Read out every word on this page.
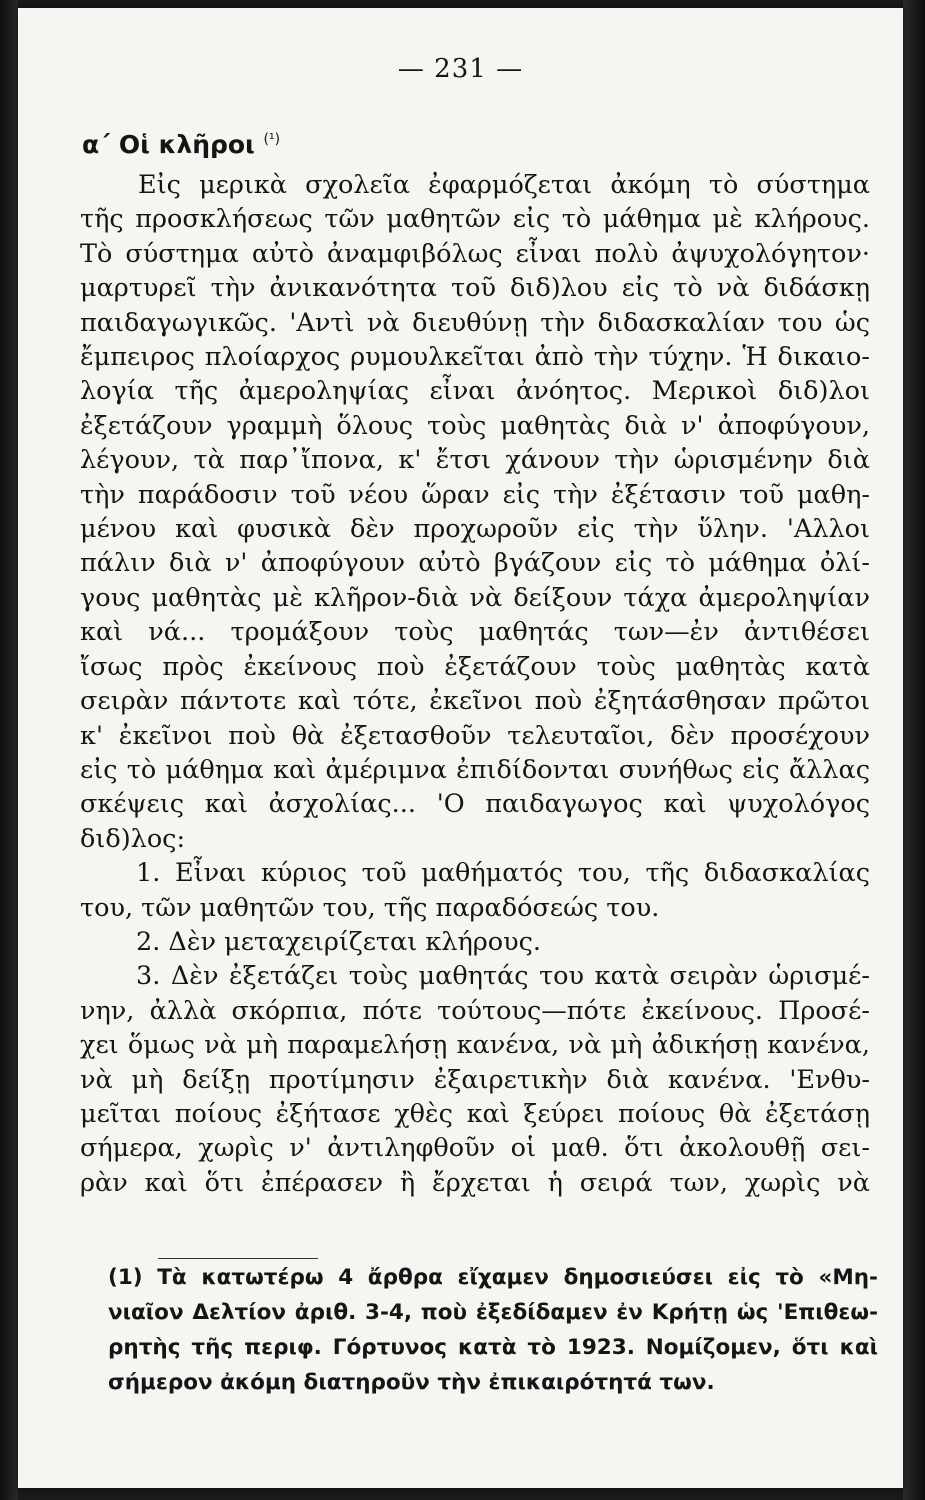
— 231 —
α΄ Οἱ κλῆροι $^{(^1)}$
Εἰς μερικὰ σχολεῖα ἐφαρμόζεται ἀκόμη τὸ σύστημα
τῆς προσκλήσεως τῶν μαθητῶν εἰς τὸ μάθημα μὲ κλήρους.
Τὸ σύστημα αὐτὸ ἀναμφιβόλως εἶναι πολὺ ἀψυχολόγητον·
μαρτυρεῖ τὴν ἀνικανότητα τοῦ διδ)λου εἰς τὸ νὰ διδάσκῃ
παιδαγωγικῶς. 'Αντὶ νὰ διευθύνῃ τὴν διδασκαλίαν του ὡς
ἔμπειρος πλοίαρχος ρυμουλκεῖται ἀπὸ τὴν τύχην. Ἡ δικαιο-
λογία τῆς ἀμεροληψίας εἶναι ἀνόητος. Μερικοὶ διδ)λοι
ἐξετάζουν γραμμὴ ὅλους τοὺς μαθητὰς διὰ ν' ἀποφύγουν,
λέγουν, τὰ παρ᾽ἴπονα, κ' ἔτσι χάνουν τὴν ὡρισμένην διὰ
τὴν παράδοσιν τοῦ νέου ὥραν εἰς τὴν ἐξέτασιν τοῦ μαθη-
μένου καὶ φυσικὰ δὲν προχωροῦν εἰς τὴν ὕλην. 'Αλλοι
πάλιν διὰ ν' ἀποφύγουν αὐτὸ βγάζουν εἰς τὸ μάθημα ὀλί-
γους μαθητὰς μὲ κλῆρον-διὰ νὰ δείξουν τάχα ἀμεροληψίαν
καὶ νά... τρομάξουν τοὺς μαθητάς των—ἐν ἀντιθέσει
ἴσως πρὸς ἐκείνους ποὺ ἐξετάζουν τοὺς μαθητὰς κατὰ
σειρὰν πάντοτε καὶ τότε, ἐκεῖνοι ποὺ ἐξητάσθησαν πρῶτοι
κ' ἐκεῖνοι ποὺ θὰ ἐξετασθοῦν τελευταῖοι, δὲν προσέχουν
εἰς τὸ μάθημα καὶ ἀμέριμνα ἐπιδίδονται συνήθως εἰς ἄλλας
σκέψεις καὶ ἀσχολίας... 'Ο παιδαγωγος καὶ ψυχολόγος
διδ)λος:
1. Εἶναι κύριος τοῦ μαθήματός του, τῆς διδασκαλίας
του, τῶν μαθητῶν του, τῆς παραδόσεώς του.
2. Δὲν μεταχειρίζεται κλήρους.
3. Δὲν ἐξετάζει τοὺς μαθητάς του κατὰ σειρὰν ὡρισμέ-
νην, ἀλλὰ σκόρπια, πότε τούτους—πότε ἐκείνους. Προσέ-
χει ὅμως νὰ μὴ παραμελήσῃ κανένα, νὰ μὴ ἀδικήσῃ κανένα,
νὰ μὴ δείξῃ προτίμησιν ἐξαιρετικὴν διὰ κανένα. 'Ενθυ-
μεῖται ποίους ἐξήτασε χθὲς καὶ ξεύρει ποίους θὰ ἐξετάσῃ
σήμερα, χωρὶς ν' ἀντιληφθοῦν οἱ μαθ. ὅτι ἀκολουθῇ σει-
ρὰν καὶ ὅτι ἐπέρασεν ἢ ἔρχεται ἡ σειρά των, χωρὶς νὰ
(1) Τὰ κατωτέρω 4 ἄρθρα εἴχαμεν δημοσιεύσει εἰς τὸ «Μη-
νιαῖον Δελτίον ἀριθ. 3-4, ποὺ ἐξεδίδαμεν ἐν Κρήτῃ ὡς 'Επιθεω-
ρητὴς τῆς περιφ. Γόρτυνος κατὰ τὸ 1923. Νομίζομεν, ὅτι καὶ
σήμερον ἀκόμη διατηροῦν τὴν ἐπικαιρότητά των.
